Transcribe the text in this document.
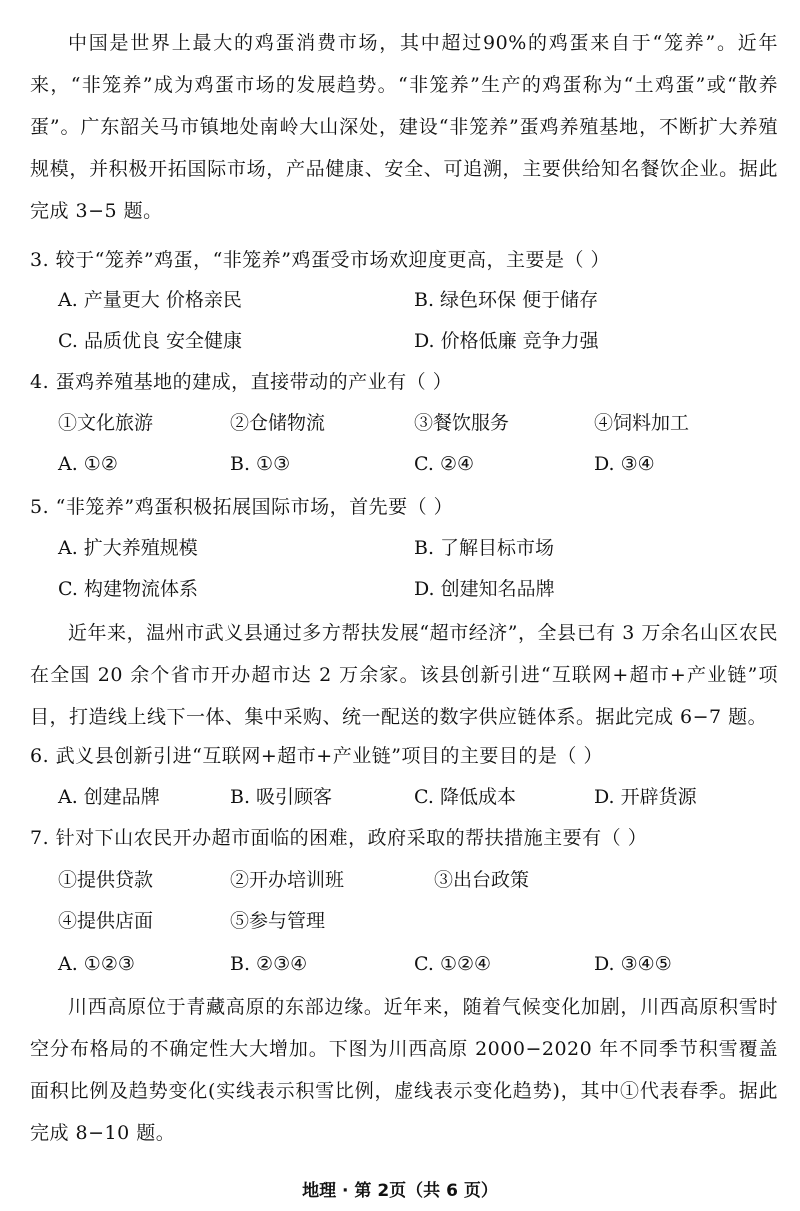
中国是世界上最大的鸡蛋消费市场，其中超过90%的鸡蛋来自于“笼养”。近年来，“非笼养”成为鸡蛋市场的发展趋势。“非笼养”生产的鸡蛋称为“土鸡蛋”或“散养蛋”。广东韶关马市镇地处南岭大山深处，建设“非笼养”蛋鸡养殖基地，不断扩大养殖规模，并积极开拓国际市场，产品健康、安全、可追溯，主要供给知名餐饮企业。据此完成 3−5 题。
3. 较于“笼养”鸡蛋，“非笼养”鸡蛋受市场欢迎度更高，主要是（ ）
A. 产量更大 价格亲民	B. 绿色环保 便于储存
C. 品质优良 安全健康	D. 价格低廉 竞争力强
4. 蛋鸡养殖基地的建成，直接带动的产业有（ ）
①文化旅游	②仓储物流	③餐饮服务	④饲料加工
A. ①②	B. ①③	C. ②④	D. ③④
5. “非笼养”鸡蛋积极拓展国际市场，首先要（ ）
A. 扩大养殖规模	B. 了解目标市场
C. 构建物流体系	D. 创建知名品牌
近年来，温州市武义县通过多方帮扶发展“超市经济”，全县已有 3 万余名山区农民在全国 20 余个省市开办超市达 2 万余家。该县创新引进“互联网+超市+产业链”项目，打造线上线下一体、集中采购、统一配送的数字供应链体系。据此完成 6−7 题。
6. 武义县创新引进“互联网+超市+产业链”项目的主要目的是（ ）
A. 创建品牌	B. 吸引顾客	C. 降低成本	D. 开辟货源
7. 针对下山农民开办超市面临的困难，政府采取的帮扶措施主要有（ ）
①提供贷款	②开办培训班	③出台政策
④提供店面	⑤参与管理
A. ①②③	B. ②③④	C. ①②④	D. ③④⑤
川西高原位于青藏高原的东部边缘。近年来，随着气候变化加剧，川西高原积雪时空分布格局的不确定性大大增加。下图为川西高原 2000−2020 年不同季节积雪覆盖面积比例及趋势变化(实线表示积雪比例，虚线表示变化趋势)，其中①代表春季。据此完成 8−10 题。
地理 · 第 2页（共 6 页）
